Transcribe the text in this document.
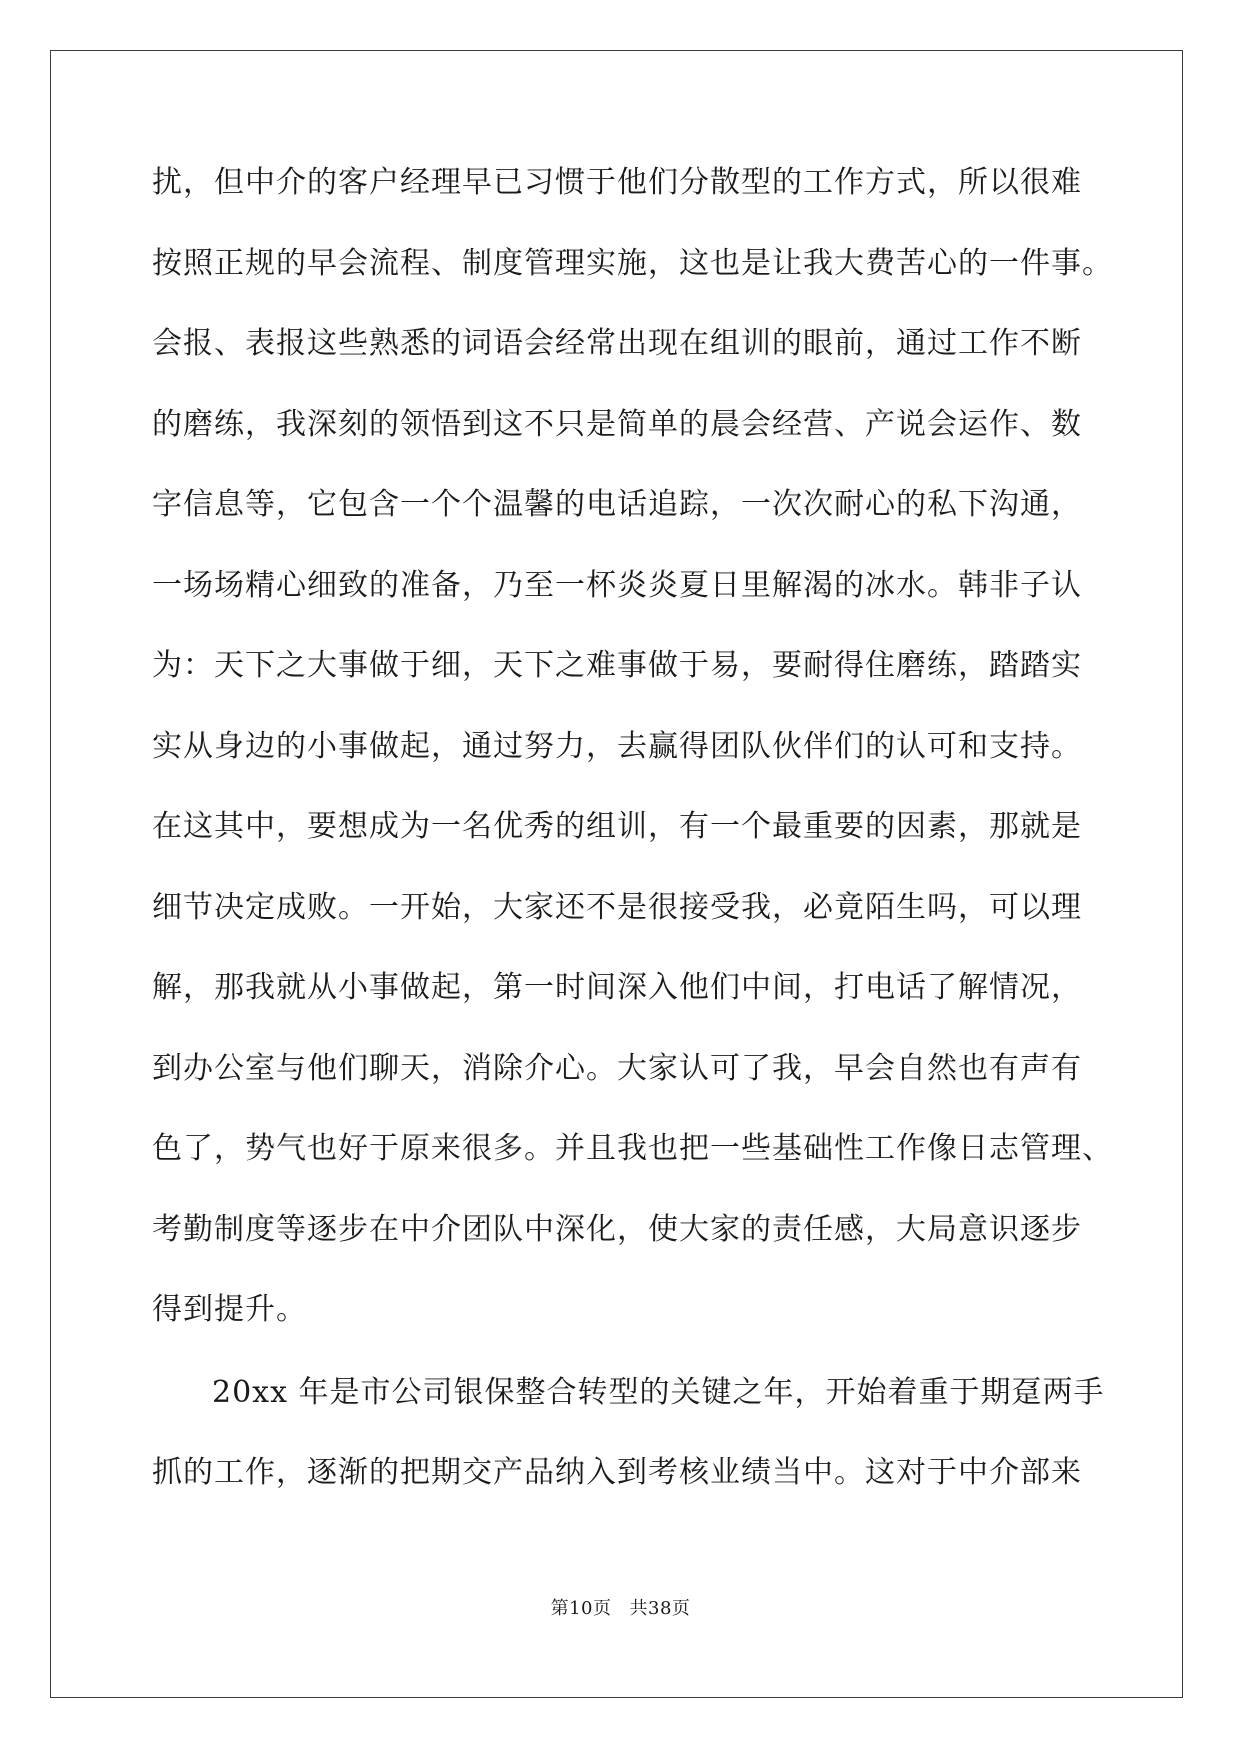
扰，但中介的客户经理早已习惯于他们分散型的工作方式，所以很难
按照正规的早会流程、制度管理实施，这也是让我大费苦心的一件事。
会报、表报这些熟悉的词语会经常出现在组训的眼前，通过工作不断
的磨练，我深刻的领悟到这不只是简单的晨会经营、产说会运作、数
字信息等，它包含一个个温馨的电话追踪，一次次耐心的私下沟通，
一场场精心细致的准备，乃至一杯炎炎夏日里解渴的冰水。韩非子认
为：天下之大事做于细，天下之难事做于易，要耐得住磨练，踏踏实
实从身边的小事做起，通过努力，去赢得团队伙伴们的认可和支持。
在这其中，要想成为一名优秀的组训，有一个最重要的因素，那就是
细节决定成败。一开始，大家还不是很接受我，必竟陌生吗，可以理
解，那我就从小事做起，第一时间深入他们中间，打电话了解情况，
到办公室与他们聊天，消除介心。大家认可了我，早会自然也有声有
色了，势气也好于原来很多。并且我也把一些基础性工作像日志管理、
考勤制度等逐步在中介团队中深化，使大家的责任感，大局意识逐步
得到提升。
20xx 年是市公司银保整合转型的关键之年，开始着重于期趸两手
抓的工作，逐渐的把期交产品纳入到考核业绩当中。这对于中介部来
第10页 共38页
